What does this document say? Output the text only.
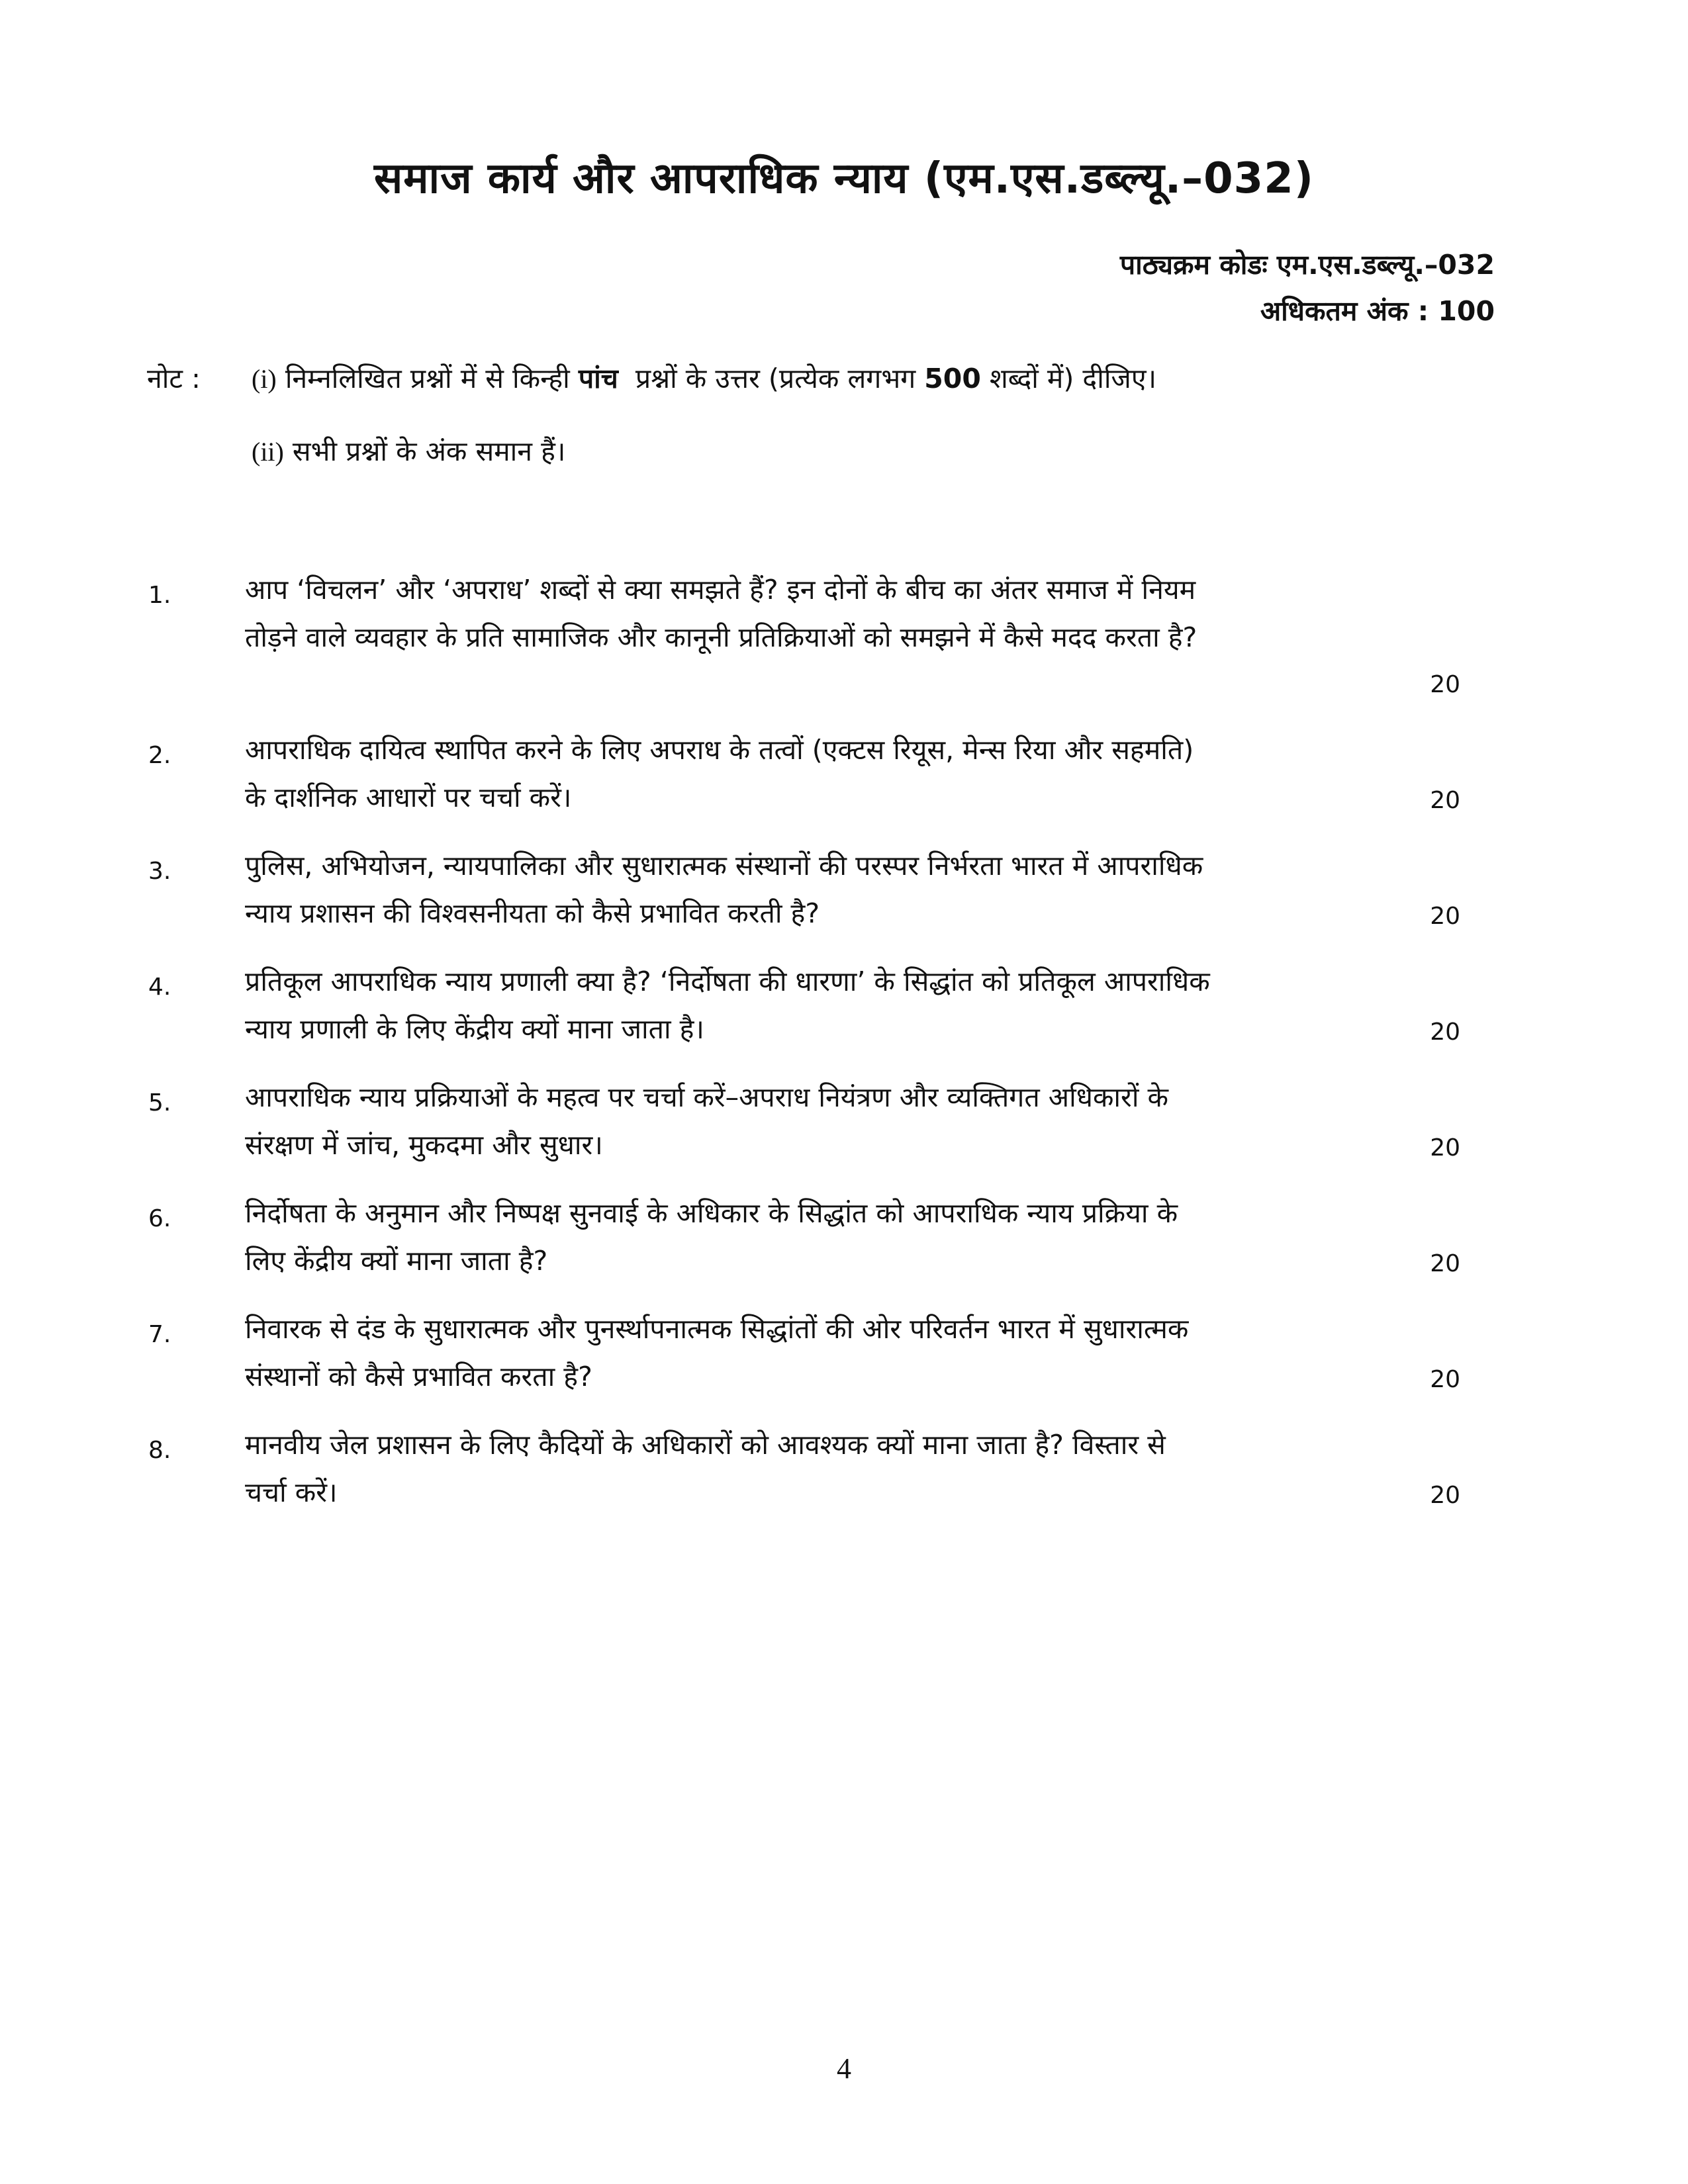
समाज कार्य और आपराधिक न्याय (एम.एस.डब्ल्यू.–032)
पाठ्यक्रम कोडः एम.एस.डब्ल्यू.–032
अधिकतम अंक : 100
नोट : (i) निम्नलिखित प्रश्नों में से किन्ही पांच प्रश्नों के उत्तर (प्रत्येक लगभग 500 शब्दों में) दीजिए।
(ii) सभी प्रश्नों के अंक समान हैं।
1.	आप ‘विचलन’ और ‘अपराध’ शब्दों से क्या समझते हैं? इन दोनों के बीच का अंतर समाज में नियम
तोड़ने वाले व्यवहार के प्रति सामाजिक और कानूनी प्रतिक्रियाओं को समझने में कैसे मदद करता है?
20
2.	आपराधिक दायित्व स्थापित करने के लिए अपराध के तत्वों (एक्टस रियूस, मेन्स रिया और सहमति)
के दार्शनिक आधारों पर चर्चा करें।	20
3.	पुलिस, अभियोजन, न्यायपालिका और सुधारात्मक संस्थानों की परस्पर निर्भरता भारत में आपराधिक
न्याय प्रशासन की विश्वसनीयता को कैसे प्रभावित करती है?	20
4.	प्रतिकूल आपराधिक न्याय प्रणाली क्या है? ‘निर्दोषता की धारणा’ के सिद्धांत को प्रतिकूल आपराधिक
न्याय प्रणाली के लिए केंद्रीय क्यों माना जाता है।	20
5.	आपराधिक न्याय प्रक्रियाओं के महत्व पर चर्चा करें–अपराध नियंत्रण और व्यक्तिगत अधिकारों के
संरक्षण में जांच, मुकदमा और सुधार।	20
6.	निर्दोषता के अनुमान और निष्पक्ष सुनवाई के अधिकार के सिद्धांत को आपराधिक न्याय प्रक्रिया के
लिए केंद्रीय क्यों माना जाता है?	20
7.	निवारक से दंड के सुधारात्मक और पुनर्स्थापनात्मक सिद्धांतों की ओर परिवर्तन भारत में सुधारात्मक
संस्थानों को कैसे प्रभावित करता है?	20
8.	मानवीय जेल प्रशासन के लिए कैदियों के अधिकारों को आवश्यक क्यों माना जाता है? विस्तार से
चर्चा करें।	20
4
